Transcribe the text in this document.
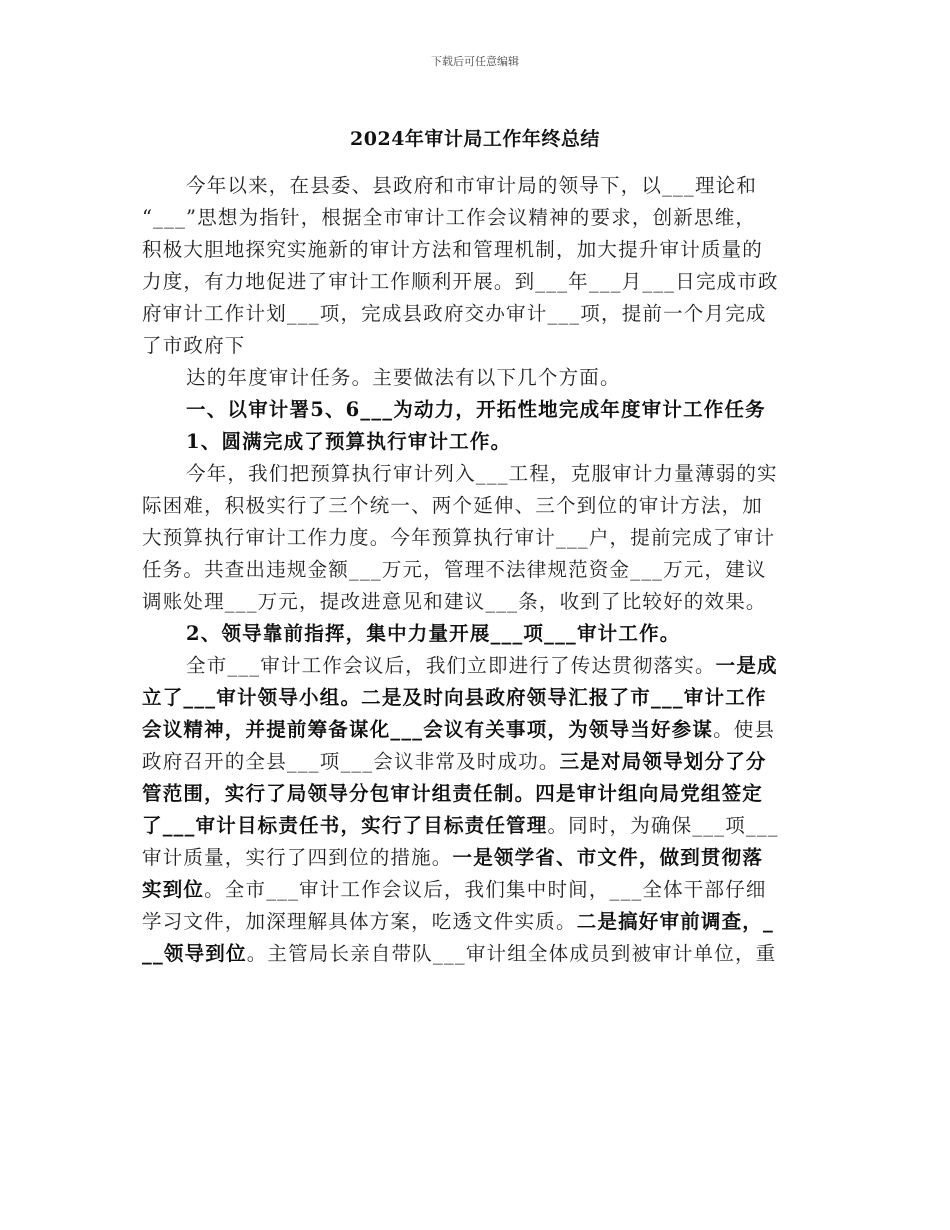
下载后可任意编辑
2024年审计局工作年终总结
今年以来，在县委、县政府和市审计局的领导下，以___理论和
“___”思想为指针，根据全市审计工作会议精神的要求，创新思维，
积极大胆地探究实施新的审计方法和管理机制，加大提升审计质量的
力度，有力地促进了审计工作顺利开展。到___年___月___日完成市政
府审计工作计划___项，完成县政府交办审计___项，提前一个月完成
了市政府下
达的年度审计任务。主要做法有以下几个方面。
一、以审计署5、6___为动力，开拓性地完成年度审计工作任务
1、圆满完成了预算执行审计工作。
今年，我们把预算执行审计列入___工程，克服审计力量薄弱的实
际困难，积极实行了三个统一、两个延伸、三个到位的审计方法，加
大预算执行审计工作力度。今年预算执行审计___户，提前完成了审计
任务。共查出违规金额___万元，管理不法律规范资金___万元，建议
调账处理___万元，提改进意见和建议___条，收到了比较好的效果。
2、领导靠前指挥，集中力量开展___项___审计工作。
全市___审计工作会议后，我们立即进行了传达贯彻落实。一是成
立了___审计领导小组。二是及时向县政府领导汇报了市___审计工作
会议精神，并提前筹备谋化___会议有关事项，为领导当好参谋。使县
政府召开的全县___项___会议非常及时成功。三是对局领导划分了分
管范围，实行了局领导分包审计组责任制。四是审计组向局党组签定
了___审计目标责任书，实行了目标责任管理。同时，为确保___项___
审计质量，实行了四到位的措施。一是领学省、市文件，做到贯彻落
实到位。全市___审计工作会议后，我们集中时间，___全体干部仔细
学习文件，加深理解具体方案，吃透文件实质。二是搞好审前调查，_
__领导到位。主管局长亲自带队___审计组全体成员到被审计单位，重
